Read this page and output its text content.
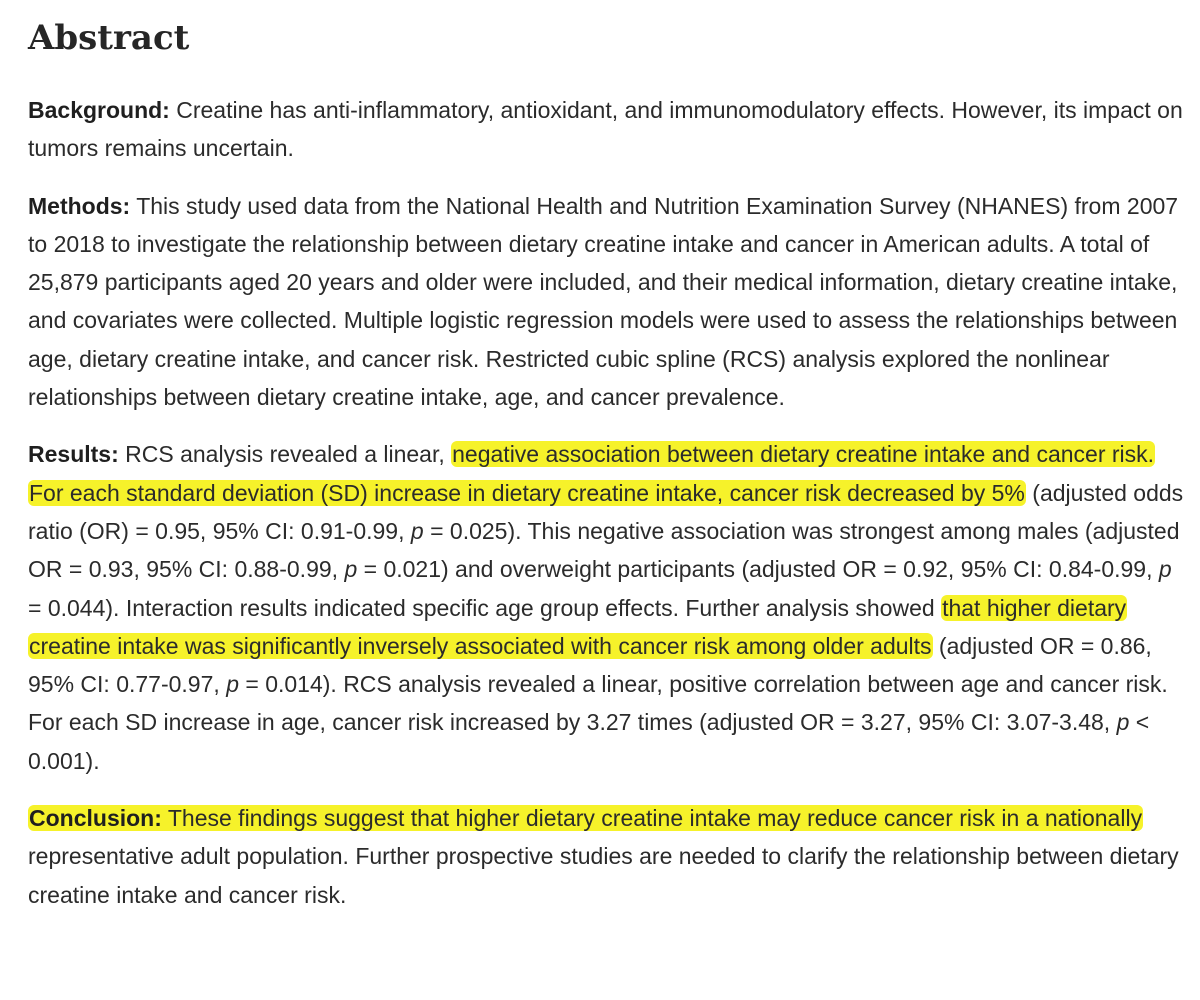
Abstract

Background: Creatine has anti-inflammatory, antioxidant, and immunomodulatory effects. However, its impact on tumors remains uncertain.

Methods: This study used data from the National Health and Nutrition Examination Survey (NHANES) from 2007 to 2018 to investigate the relationship between dietary creatine intake and cancer in American adults. A total of 25,879 participants aged 20 years and older were included, and their medical information, dietary creatine intake, and covariates were collected. Multiple logistic regression models were used to assess the relationships between age, dietary creatine intake, and cancer risk. Restricted cubic spline (RCS) analysis explored the nonlinear relationships between dietary creatine intake, age, and cancer prevalence.

Results: RCS analysis revealed a linear, negative association between dietary creatine intake and cancer risk. For each standard deviation (SD) increase in dietary creatine intake, cancer risk decreased by 5% (adjusted odds ratio (OR) = 0.95, 95% CI: 0.91-0.99, p = 0.025). This negative association was strongest among males (adjusted OR = 0.93, 95% CI: 0.88-0.99, p = 0.021) and overweight participants (adjusted OR = 0.92, 95% CI: 0.84-0.99, p = 0.044). Interaction results indicated specific age group effects. Further analysis showed that higher dietary creatine intake was significantly inversely associated with cancer risk among older adults (adjusted OR = 0.86, 95% CI: 0.77-0.97, p = 0.014). RCS analysis revealed a linear, positive correlation between age and cancer risk. For each SD increase in age, cancer risk increased by 3.27 times (adjusted OR = 3.27, 95% CI: 3.07-3.48, p < 0.001).

Conclusion: These findings suggest that higher dietary creatine intake may reduce cancer risk in a nationally representative adult population. Further prospective studies are needed to clarify the relationship between dietary creatine intake and cancer risk.
